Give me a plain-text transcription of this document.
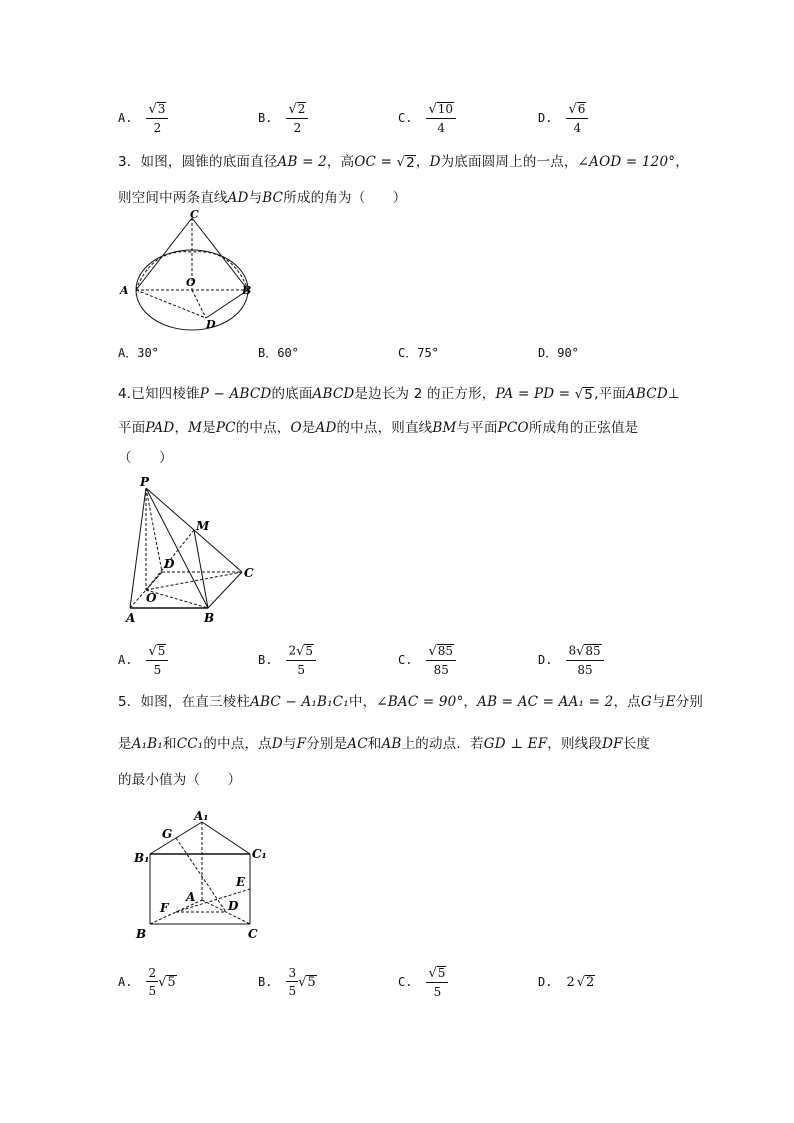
A. $\frac{√ 3}{2}$	B. $\frac{√ 2}{2}$	C. $\frac{√ 10}{4}$	D. $\frac{√ 6}{4}$
3．如图，圆锥的底面直径AB = 2，高OC = √ 2 ，D为底面圆周上的一点，∠AOD = 120°，
则空间中两条直线AD与BC所成的角为（　　）
C
O
A	B
D
A．30°	B．60°	C．75°	D．90°
4.已知四棱锥P − ABCD的底面ABCD是边长为 2 的正方形，PA = PD = √ 5 ,平面ABCD⊥
平面PAD，M是PC的中点，O是AD的中点，则直线BM与平面PCO所成角的正弦值是
（　　）
P
M
D
C
O
A	B
A. $\frac{√ 5}{5}$	B. $\frac{2 √ 5}{5}$	C. $\frac{√ 85}{85}$	D. $\frac{8 √ 85}{85}$
5．如图，在直三棱柱ABC − A₁B₁C₁中，∠BAC = 90°，AB = AC = AA₁ = 2，点G与E分别
是A₁B₁和CC₁的中点，点D与F分别是AC和AB上的动点．若GD ⊥ EF，则线段DF长度
的最小值为（　　）
A₁
G
B₁	C₁
E
A
F	D
B	C
A. $\frac{2}{5}$ √ 5	B. $\frac{3}{5}$ √ 5	C. $\frac{√ 5}{5}$	D. 2 √ 2
